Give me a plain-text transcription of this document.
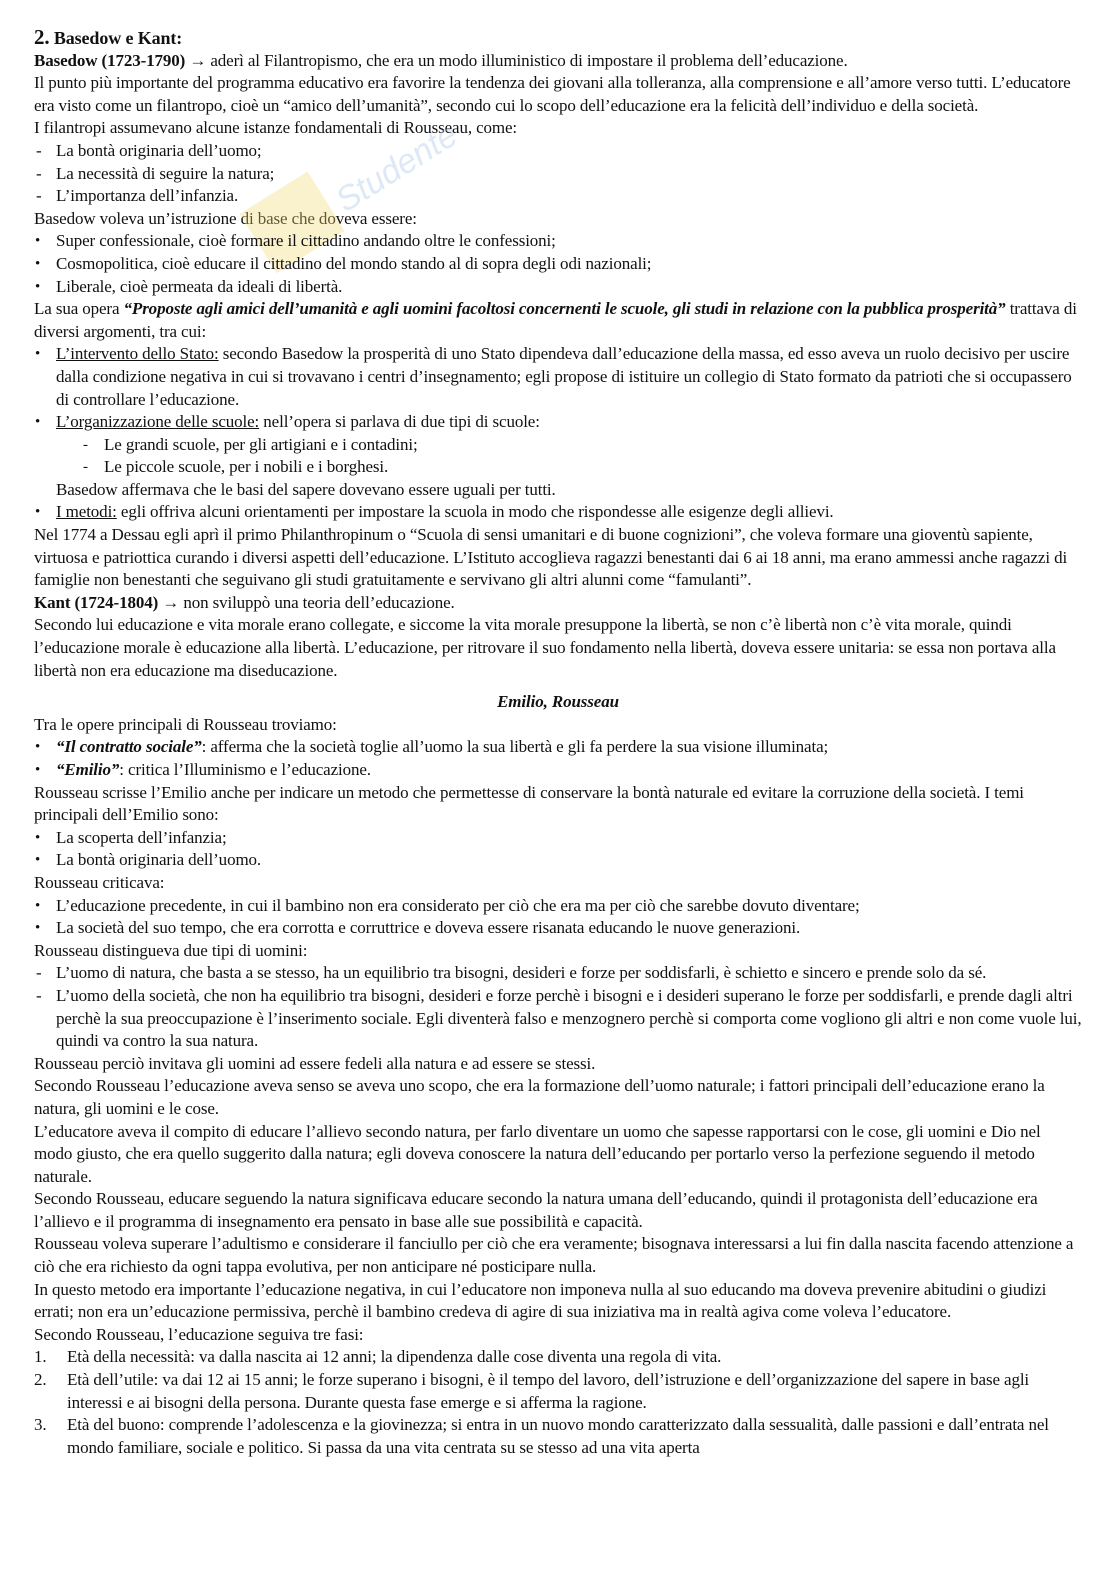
Studente

2. Basedow e Kant:

Basedow (1723-1790) → aderì al Filantropismo, che era un modo illuministico di impostare il problema dell’educazione.

Il punto più importante del programma educativo era favorire la tendenza dei giovani alla tolleranza, alla comprensione e all’amore verso tutti. L’educatore era visto come un filantropo, cioè un “amico dell’umanità”, secondo cui lo scopo dell’educazione era la felicità dell’individuo e della società.

I filantropi assumevano alcune istanze fondamentali di Rousseau, come:

- La bontà originaria dell’uomo;
- La necessità di seguire la natura;
- L’importanza dell’infanzia.

Basedow voleva un’istruzione di base che doveva essere:

• Super confessionale, cioè formare il cittadino andando oltre le confessioni;
• Cosmopolitica, cioè educare il cittadino del mondo stando al di sopra degli odi nazionali;
• Liberale, cioè permeata da ideali di libertà.

La sua opera “Proposte agli amici dell’umanità e agli uomini facoltosi concernenti le scuole, gli studi in relazione con la pubblica prosperità” trattava di diversi argomenti, tra cui:

• L’intervento dello Stato: secondo Basedow la prosperità di uno Stato dipendeva dall’educazione della massa, ed esso aveva un ruolo decisivo per uscire dalla condizione negativa in cui si trovavano i centri d’insegnamento; egli propose di istituire un collegio di Stato formato da patrioti che si occupassero di controllare l’educazione.
• L’organizzazione delle scuole: nell’opera si parlava di due tipi di scuole:
- Le grandi scuole, per gli artigiani e i contadini;
- Le piccole scuole, per i nobili e i borghesi.
Basedow affermava che le basi del sapere dovevano essere uguali per tutti.
• I metodi: egli offriva alcuni orientamenti per impostare la scuola in modo che rispondesse alle esigenze degli allievi.

Nel 1774 a Dessau egli aprì il primo Philanthropinum o “Scuola di sensi umanitari e di buone cognizioni”, che voleva formare una gioventù sapiente, virtuosa e patriottica curando i diversi aspetti dell’educazione. L’Istituto accoglieva ragazzi benestanti dai 6 ai 18 anni, ma erano ammessi anche ragazzi di famiglie non benestanti che seguivano gli studi gratuitamente e servivano gli altri alunni come “famulanti”.

Kant (1724-1804) → non sviluppò una teoria dell’educazione.

Secondo lui educazione e vita morale erano collegate, e siccome la vita morale presuppone la libertà, se non c’è libertà non c’è vita morale, quindi l’educazione morale è educazione alla libertà. L’educazione, per ritrovare il suo fondamento nella libertà, doveva essere unitaria: se essa non portava alla libertà non era educazione ma diseducazione.

Emilio, Rousseau

Tra le opere principali di Rousseau troviamo:

• “Il contratto sociale”: afferma che la società toglie all’uomo la sua libertà e gli fa perdere la sua visione illuminata;
• “Emilio”: critica l’Illuminismo e l’educazione.

Rousseau scrisse l’Emilio anche per indicare un metodo che permettesse di conservare la bontà naturale ed evitare la corruzione della società. I temi principali dell’Emilio sono:

• La scoperta dell’infanzia;
• La bontà originaria dell’uomo.

Rousseau criticava:

• L’educazione precedente, in cui il bambino non era considerato per ciò che era ma per ciò che sarebbe dovuto diventare;
• La società del suo tempo, che era corrotta e corruttrice e doveva essere risanata educando le nuove generazioni.

Rousseau distingueva due tipi di uomini:

- L’uomo di natura, che basta a se stesso, ha un equilibrio tra bisogni, desideri e forze per soddisfarli, è schietto e sincero e prende solo da sé.
- L’uomo della società, che non ha equilibrio tra bisogni, desideri e forze perchè i bisogni e i desideri superano le forze per soddisfarli, e prende dagli altri perchè la sua preoccupazione è l’inserimento sociale. Egli diventerà falso e menzognero perchè si comporta come vogliono gli altri e non come vuole lui, quindi va contro la sua natura.

Rousseau perciò invitava gli uomini ad essere fedeli alla natura e ad essere se stessi.

Secondo Rousseau l’educazione aveva senso se aveva uno scopo, che era la formazione dell’uomo naturale; i fattori principali dell’educazione erano la natura, gli uomini e le cose.

L’educatore aveva il compito di educare l’allievo secondo natura, per farlo diventare un uomo che sapesse rapportarsi con le cose, gli uomini e Dio nel modo giusto, che era quello suggerito dalla natura; egli doveva conoscere la natura dell’educando per portarlo verso la perfezione seguendo il metodo naturale.

Secondo Rousseau, educare seguendo la natura significava educare secondo la natura umana dell’educando, quindi il protagonista dell’educazione era l’allievo e il programma di insegnamento era pensato in base alle sue possibilità e capacità.

Rousseau voleva superare l’adultismo e considerare il fanciullo per ciò che era veramente; bisognava interessarsi a lui fin dalla nascita facendo attenzione a ciò che era richiesto da ogni tappa evolutiva, per non anticipare né posticipare nulla.

In questo metodo era importante l’educazione negativa, in cui l’educatore non imponeva nulla al suo educando ma doveva prevenire abitudini o giudizi errati; non era un’educazione permissiva, perchè il bambino credeva di agire di sua iniziativa ma in realtà agiva come voleva l’educatore.

Secondo Rousseau, l’educazione seguiva tre fasi:

1. Età della necessità: va dalla nascita ai 12 anni; la dipendenza dalle cose diventa una regola di vita.
2. Età dell’utile: va dai 12 ai 15 anni; le forze superano i bisogni, è il tempo del lavoro, dell’istruzione e dell’organizzazione del sapere in base agli interessi e ai bisogni della persona. Durante questa fase emerge e si afferma la ragione.
3. Età del buono: comprende l’adolescenza e la giovinezza; si entra in un nuovo mondo caratterizzato dalla sessualità, dalle passioni e dall’entrata nel mondo familiare, sociale e politico. Si passa da una vita centrata su se stesso ad una vita aperta
